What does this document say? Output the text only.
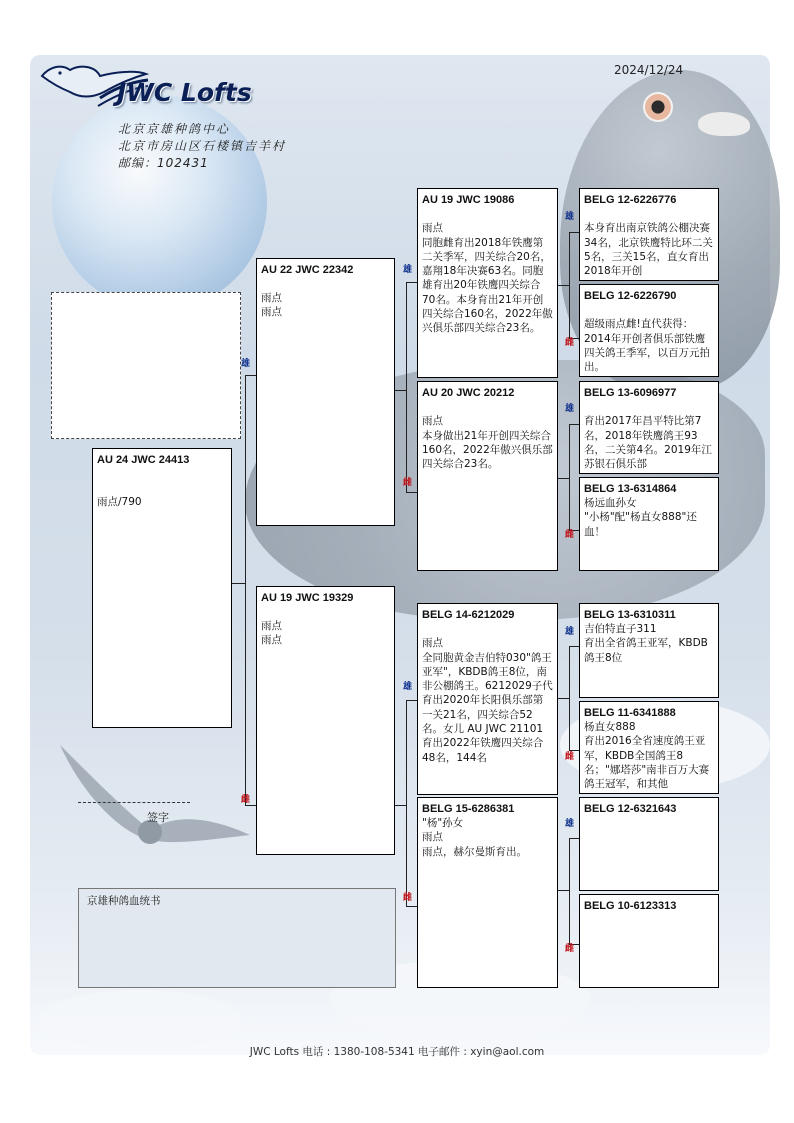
JWC Lofts
北京京雄种鸽中心
北京市房山区石楼镇吉羊村
邮编：102431
2024/12/24
雄
雌
雄
雌
雄
雌
雄
雌
雄
雌
雄
雌
雄
雌
AU 24 JWC 24413
雨点/790
AU 22 JWC 22342
雨点
雨点
AU 19 JWC 19329
雨点
雨点
AU 19 JWC 19086

雨点
同胞雌育出2018年铁鹰第二关季军，四关综合20名，嘉翔18年决赛63名。同胞雄育出20年铁鹰四关综合70名。本身育出21年开创四关综合160名，2022年傲兴俱乐部四关综合23名。
AU 20 JWC 20212

雨点
本身做出21年开创四关综合160名，2022年傲兴俱乐部四关综合23名。
BELG 14-6212029

雨点
全同胞黄金吉伯特030"鸽王亚军"，KBDB鸽王8位，南非公棚鸽王。6212029子代育出2020年长阳俱乐部第一关21名，四关综合52名。女儿 AU JWC 21101育出2022年铁鹰四关综合48名，144名
BELG 15-6286381
"杨"孙女
雨点
雨点，赫尔曼斯育出。
BELG 12-6226776

本身育出南京铁鸽公棚决赛34名，北京铁鹰特比环二关5名，三关15名，直女育出2018年开创
BELG 12-6226790

超级雨点雌!直代获得：2014年开创者俱乐部铁鹰四关鸽王季军，以百万元拍出。
BELG 13-6096977

育出2017年昌平特比第7名，2018年铁鹰鸽王93名，二关第4名。2019年江苏银石俱乐部
BELG 13-6314864
杨远血孙女
"小杨"配"杨直女888"还血！
BELG 13-6310311
吉伯特直子311
育出全省鸽王亚军，KBDB鸽王8位
BELG 11-6341888
杨直女888
育出2016全省速度鸽王亚军，KBDB全国鸽王8名；"娜塔莎"南非百万大赛鸽王冠军，和其他
BELG 12-6321643
BELG 10-6123313
签字
京雄种鸽血统书
JWC Lofts 电话 : 1380-108-5341 电子邮件 : xyin@aol.com
